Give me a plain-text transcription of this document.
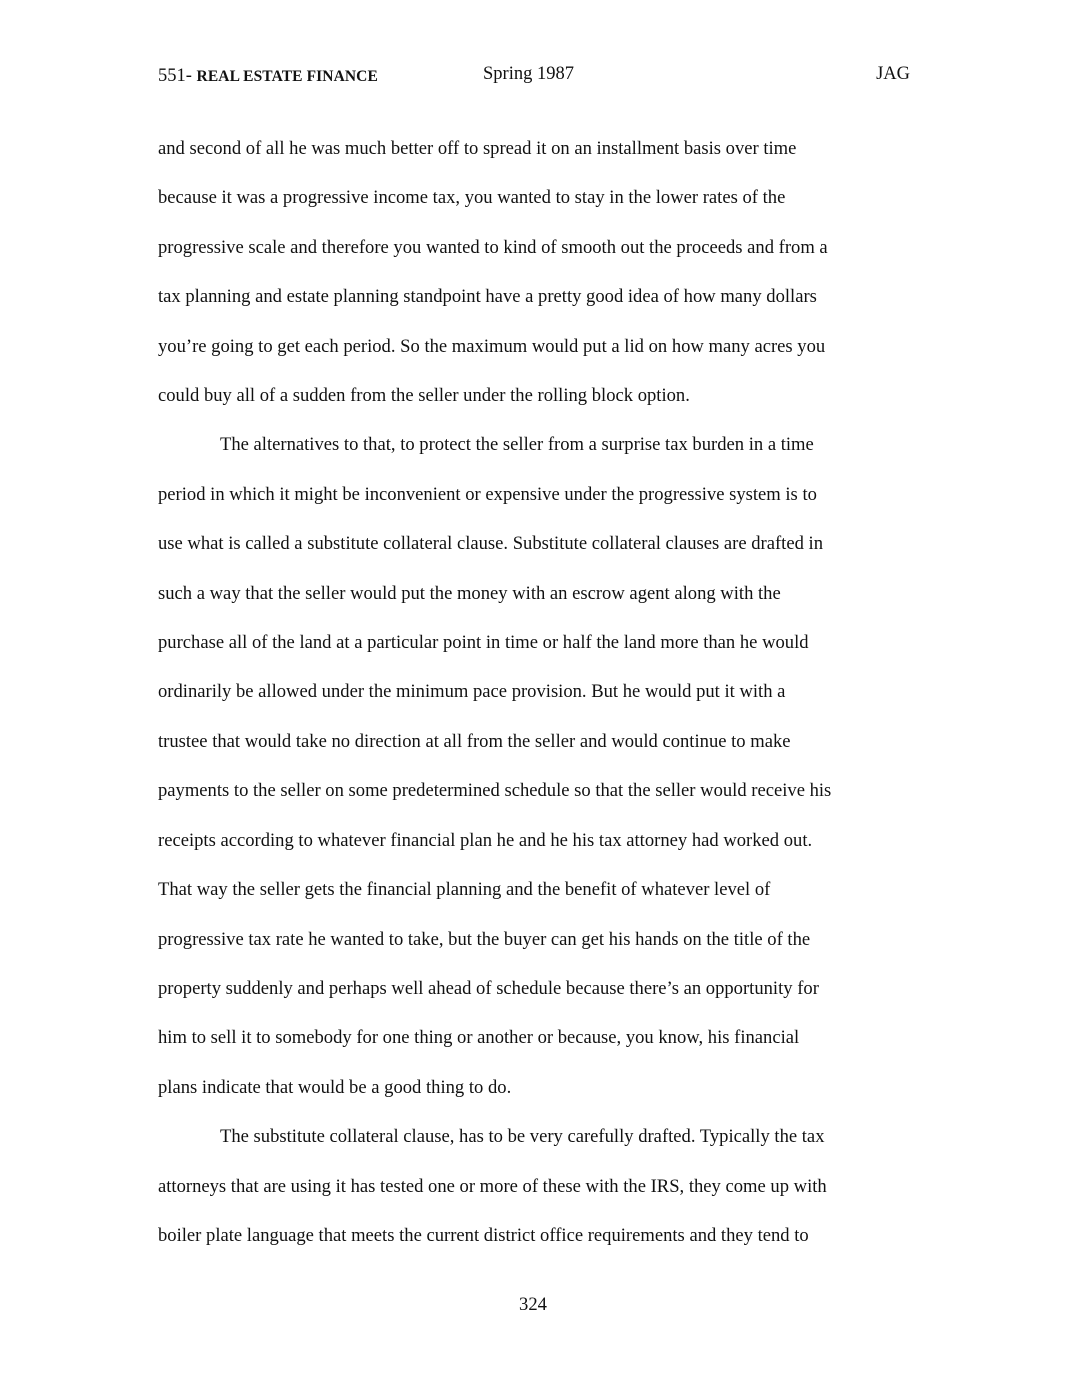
551- REAL ESTATE FINANCE	Spring 1987	JAG

and second of all he was much better off to spread it on an installment basis over time
because it was a progressive income tax, you wanted to stay in the lower rates of the
progressive scale and therefore you wanted to kind of smooth out the proceeds and from a
tax planning and estate planning standpoint have a pretty good idea of how many dollars
you’re going to get each period. So the maximum would put a lid on how many acres you
could buy all of a sudden from the seller under the rolling block option.

The alternatives to that, to protect the seller from a surprise tax burden in a time
period in which it might be inconvenient or expensive under the progressive system is to
use what is called a substitute collateral clause. Substitute collateral clauses are drafted in
such a way that the seller would put the money with an escrow agent along with the
purchase all of the land at a particular point in time or half the land more than he would
ordinarily be allowed under the minimum pace provision. But he would put it with a
trustee that would take no direction at all from the seller and would continue to make
payments to the seller on some predetermined schedule so that the seller would receive his
receipts according to whatever financial plan he and he his tax attorney had worked out.
That way the seller gets the financial planning and the benefit of whatever level of
progressive tax rate he wanted to take, but the buyer can get his hands on the title of the
property suddenly and perhaps well ahead of schedule because there’s an opportunity for
him to sell it to somebody for one thing or another or because, you know, his financial
plans indicate that would be a good thing to do.

The substitute collateral clause, has to be very carefully drafted. Typically the tax
attorneys that are using it has tested one or more of these with the IRS, they come up with
boiler plate language that meets the current district office requirements and they tend to

324
